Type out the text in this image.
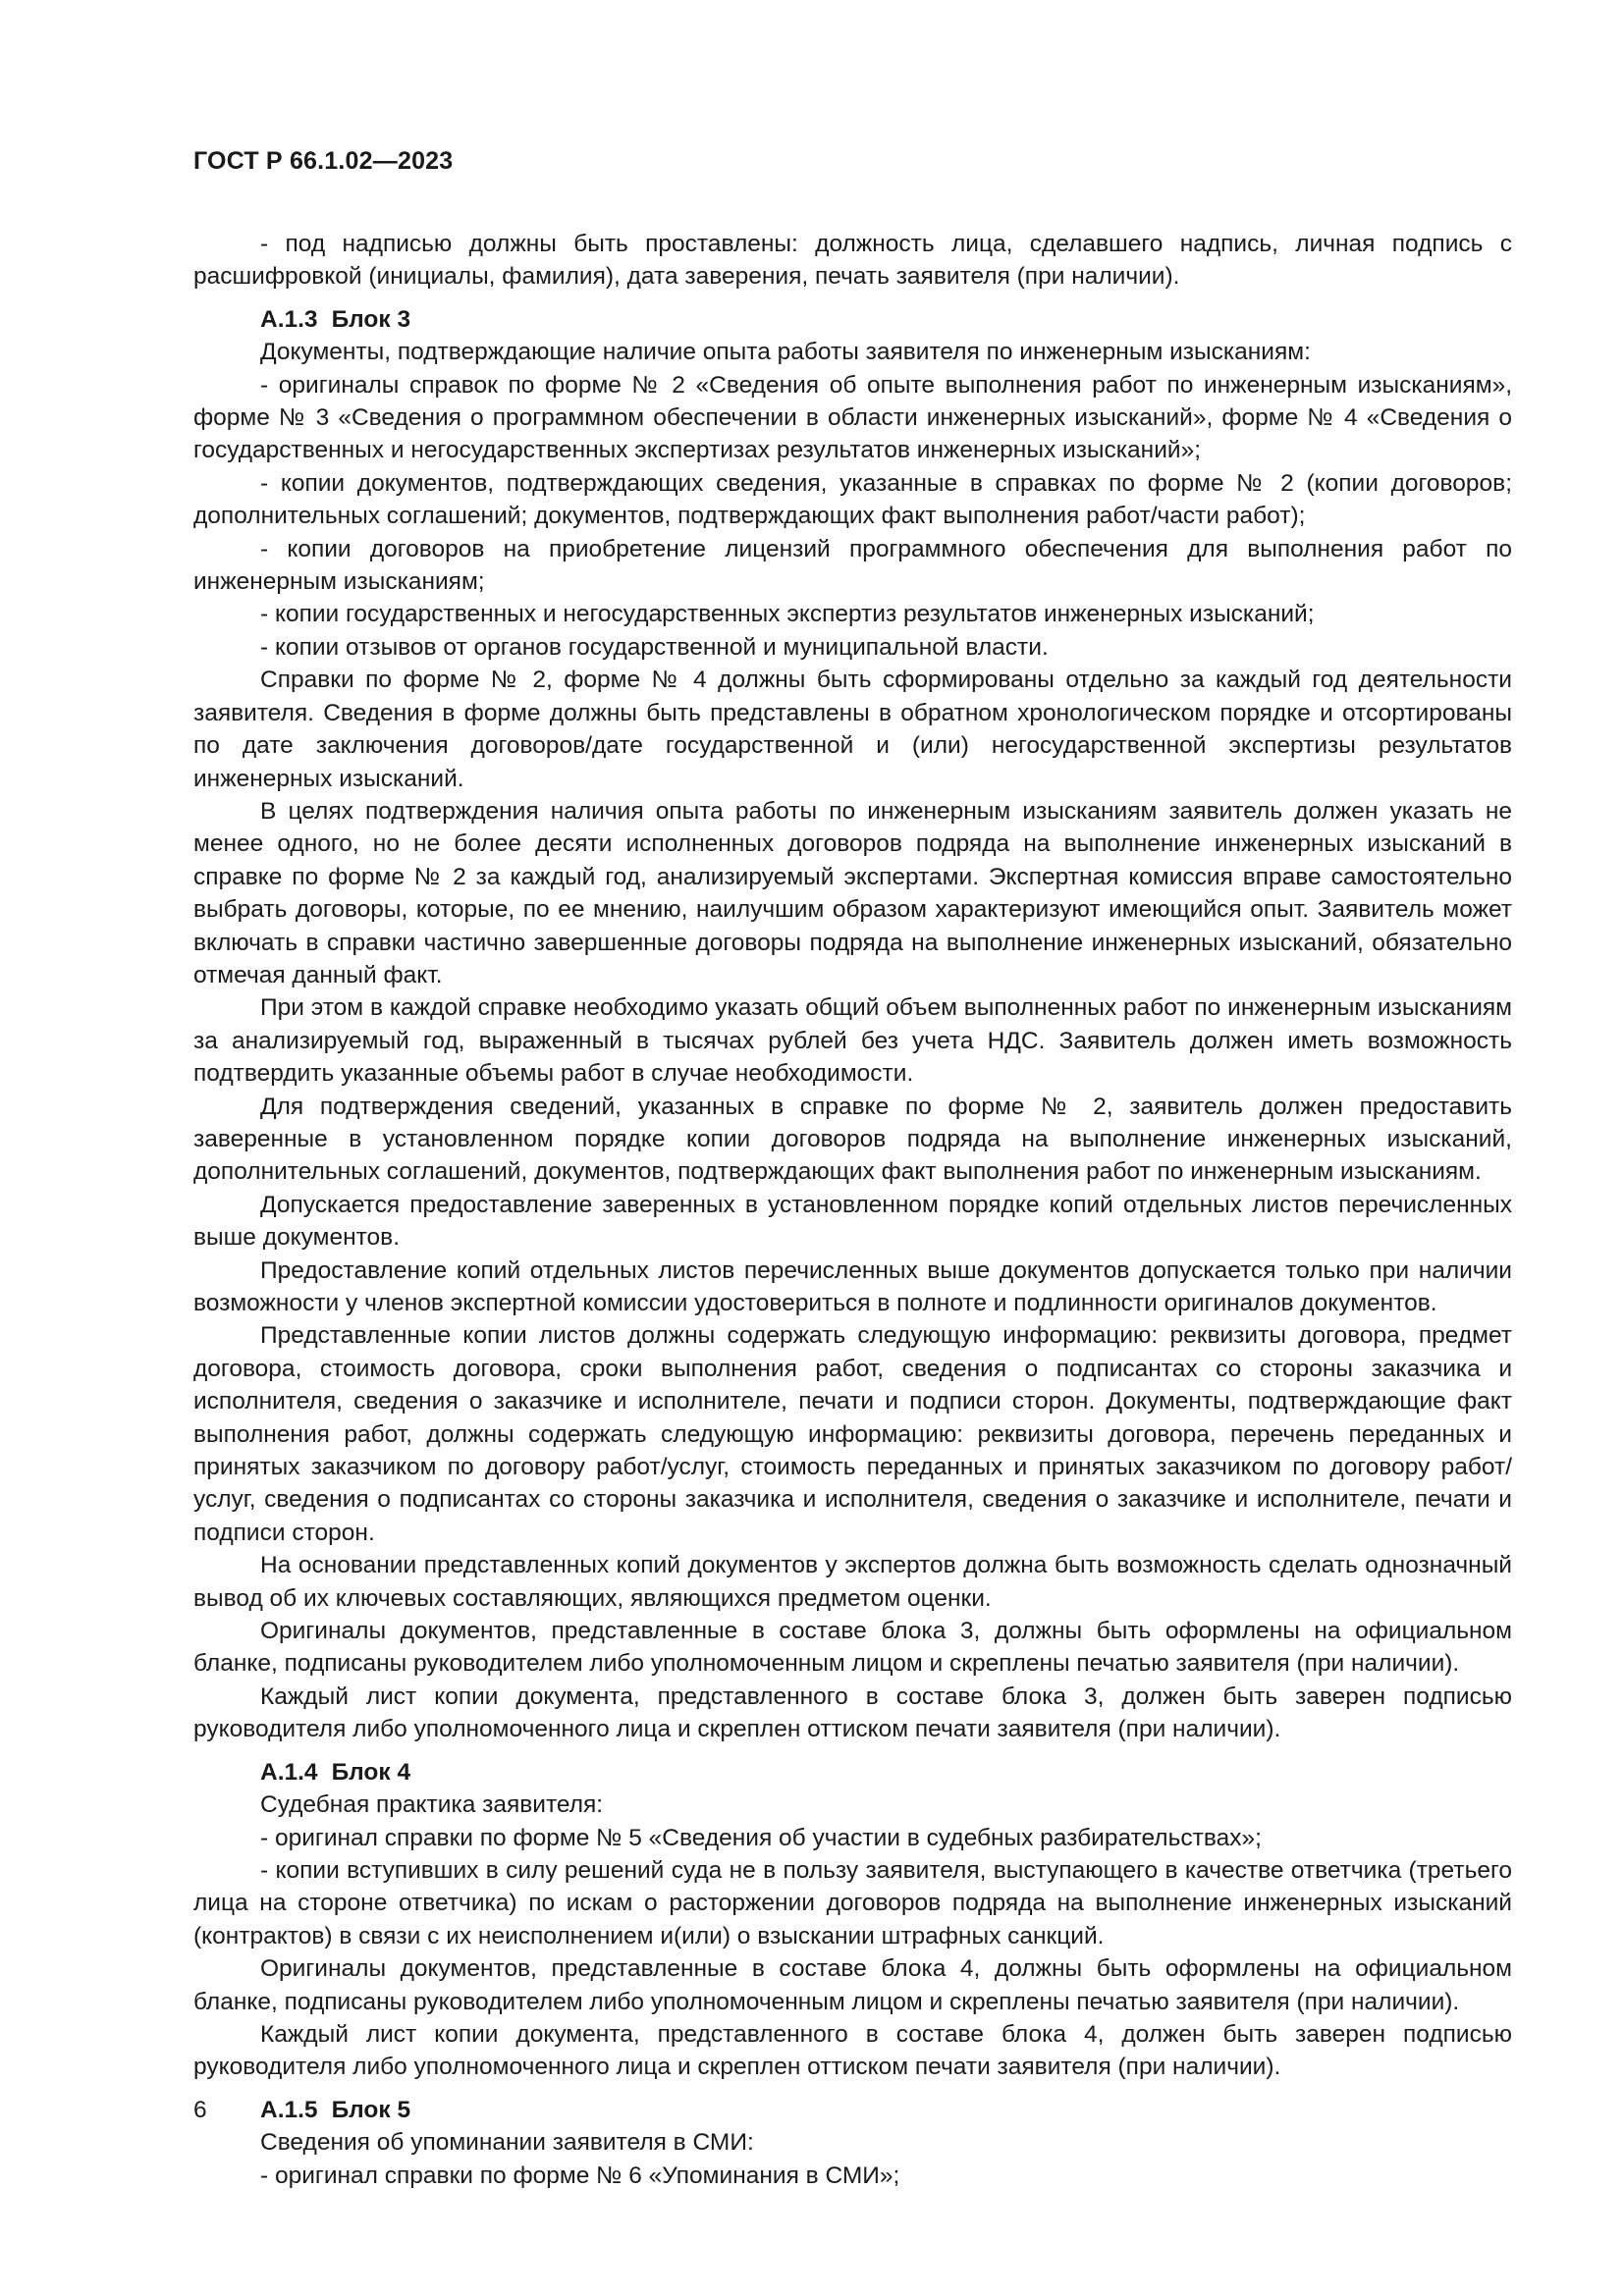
ГОСТ Р 66.1.02—2023

- под надписью должны быть проставлены: должность лица, сделавшего надпись, личная подпись с расшифровкой (инициалы, фамилия), дата заверения, печать заявителя (при наличии).

А.1.3 Блок 3

Документы, подтверждающие наличие опыта работы заявителя по инженерным изысканиям:

- оригиналы справок по форме № 2 «Сведения об опыте выполнения работ по инженерным изысканиям», форме № 3 «Сведения о программном обеспечении в области инженерных изысканий», форме № 4 «Сведения о государственных и негосударственных экспертизах результатов инженерных изысканий»;

- копии документов, подтверждающих сведения, указанные в справках по форме № 2 (копии договоров; дополнительных соглашений; документов, подтверждающих факт выполнения работ/части работ);

- копии договоров на приобретение лицензий программного обеспечения для выполнения работ по инженерным изысканиям;

- копии государственных и негосударственных экспертиз результатов инженерных изысканий;

- копии отзывов от органов государственной и муниципальной власти.

Справки по форме № 2, форме № 4 должны быть сформированы отдельно за каждый год деятельности заявителя. Сведения в форме должны быть представлены в обратном хронологическом порядке и отсортированы по дате заключения договоров/дате государственной и (или) негосударственной экспертизы результатов инженерных изысканий.

В целях подтверждения наличия опыта работы по инженерным изысканиям заявитель должен указать не менее одного, но не более десяти исполненных договоров подряда на выполнение инженерных изысканий в справке по форме № 2 за каждый год, анализируемый экспертами. Экспертная комиссия вправе самостоятельно выбрать договоры, которые, по ее мнению, наилучшим образом характеризуют имеющийся опыт. Заявитель может включать в справки частично завершенные договоры подряда на выполнение инженерных изысканий, обязательно отмечая данный факт.

При этом в каждой справке необходимо указать общий объем выполненных работ по инженерным изысканиям за анализируемый год, выраженный в тысячах рублей без учета НДС. Заявитель должен иметь возможность подтвердить указанные объемы работ в случае необходимости.

Для подтверждения сведений, указанных в справке по форме № 2, заявитель должен предоставить заверенные в установленном порядке копии договоров подряда на выполнение инженерных изысканий, дополнительных соглашений, документов, подтверждающих факт выполнения работ по инженерным изысканиям.

Допускается предоставление заверенных в установленном порядке копий отдельных листов перечисленных выше документов.

Предоставление копий отдельных листов перечисленных выше документов допускается только при наличии возможности у членов экспертной комиссии удостовериться в полноте и подлинности оригиналов документов.

Представленные копии листов должны содержать следующую информацию: реквизиты договора, предмет договора, стоимость договора, сроки выполнения работ, сведения о подписантах со стороны заказчика и исполнителя, сведения о заказчике и исполнителе, печати и подписи сторон. Документы, подтверждающие факт выполнения работ, должны содержать следующую информацию: реквизиты договора, перечень переданных и принятых заказчиком по договору работ/услуг, стоимость переданных и принятых заказчиком по договору работ/услуг, сведения о подписантах со стороны заказчика и исполнителя, сведения о заказчике и исполнителе, печати и подписи сторон.

На основании представленных копий документов у экспертов должна быть возможность сделать однозначный вывод об их ключевых составляющих, являющихся предметом оценки.

Оригиналы документов, представленные в составе блока 3, должны быть оформлены на официальном бланке, подписаны руководителем либо уполномоченным лицом и скреплены печатью заявителя (при наличии).

Каждый лист копии документа, представленного в составе блока 3, должен быть заверен подписью руководителя либо уполномоченного лица и скреплен оттиском печати заявителя (при наличии).

А.1.4 Блок 4

Судебная практика заявителя:

- оригинал справки по форме № 5 «Сведения об участии в судебных разбирательствах»;

- копии вступивших в силу решений суда не в пользу заявителя, выступающего в качестве ответчика (третьего лица на стороне ответчика) по искам о расторжении договоров подряда на выполнение инженерных изысканий (контрактов) в связи с их неисполнением и(или) о взыскании штрафных санкций.

Оригиналы документов, представленные в составе блока 4, должны быть оформлены на официальном бланке, подписаны руководителем либо уполномоченным лицом и скреплены печатью заявителя (при наличии).

Каждый лист копии документа, представленного в составе блока 4, должен быть заверен подписью руководителя либо уполномоченного лица и скреплен оттиском печати заявителя (при наличии).

А.1.5 Блок 5

Сведения об упоминании заявителя в СМИ:

- оригинал справки по форме № 6 «Упоминания в СМИ»;

6
